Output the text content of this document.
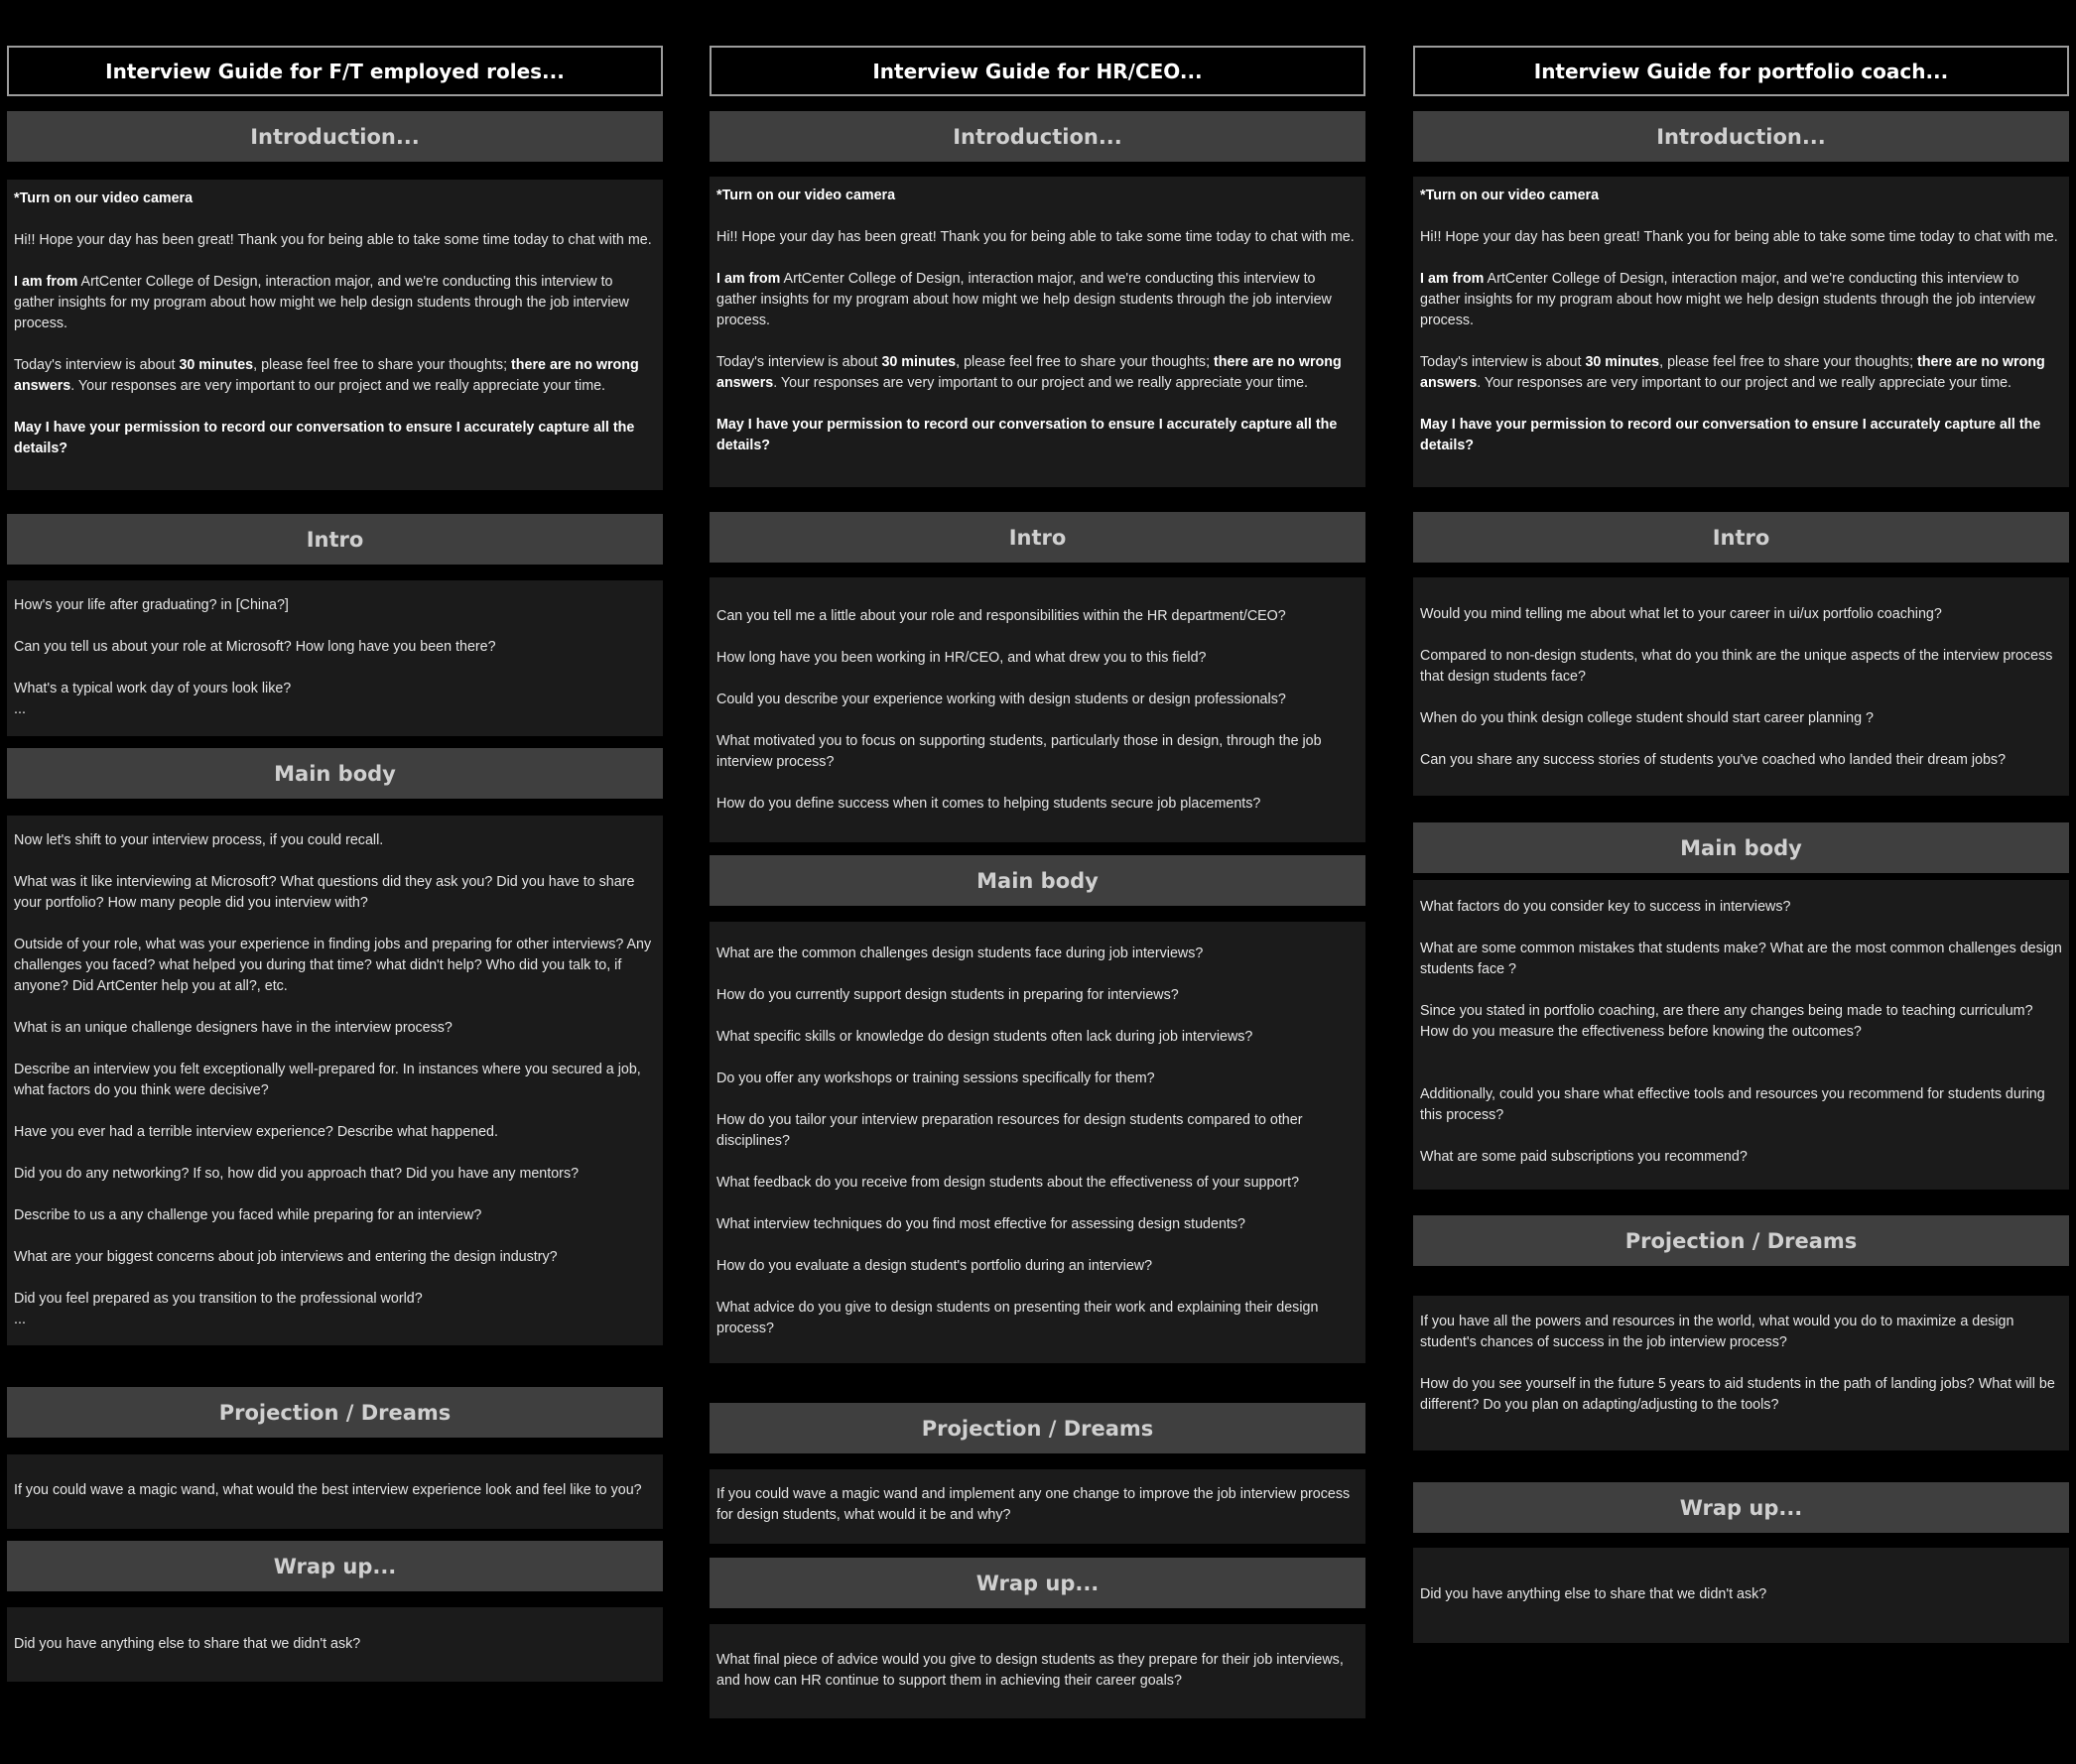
Interview Guide for F/T employed roles...
Introduction...

*Turn on our video camera

Hi!! Hope your day has been great! Thank you for being able to take some time today to chat with me.

I am from ArtCenter College of Design, interaction major, and we're conducting this interview to gather insights for my program about how might we help design students through the job interview process.

Today's interview is about 30 minutes, please feel free to share your thoughts; there are no wrong answers. Your responses are very important to our project and we really appreciate your time.

May I have your permission to record our conversation to ensure I accurately capture all the details?

Intro

How's your life after graduating? in [China?]

Can you tell us about your role at Microsoft? How long have you been there?

What's a typical work day of yours look like?

...
Main body

Now let's shift to your interview process, if you could recall.

What was it like interviewing at Microsoft? What questions did they ask you? Did you have to share your portfolio? How many people did you interview with?

Outside of your role, what was your experience in finding jobs and preparing for other interviews? Any challenges you faced? what helped you during that time? what didn't help? Who did you talk to, if anyone? Did ArtCenter help you at all?, etc.

What is an unique challenge designers have in the interview process?

Describe an interview you felt exceptionally well-prepared for. In instances where you secured a job, what factors do you think were decisive?

Have you ever had a terrible interview experience? Describe what happened.

Did you do any networking? If so, how did you approach that? Did you have any mentors?

Describe to us a any challenge you faced while preparing for an interview?

What are your biggest concerns about job interviews and entering the design industry?

Did you feel prepared as you transition to the professional world?

...
Projection / Dreams

If you could wave a magic wand, what would the best interview experience look and feel like to you?

Wrap up...

Did you have anything else to share that we didn't ask?

Interview Guide for HR/CEO...
Introduction...

*Turn on our video camera

Hi!! Hope your day has been great! Thank you for being able to take some time today to chat with me.

I am from ArtCenter College of Design, interaction major, and we're conducting this interview to gather insights for my program about how might we help design students through the job interview process.

Today's interview is about 30 minutes, please feel free to share your thoughts; there are no wrong answers. Your responses are very important to our project and we really appreciate your time.

May I have your permission to record our conversation to ensure I accurately capture all the details?

Intro

Can you tell me a little about your role and responsibilities within the HR department/CEO?

How long have you been working in HR/CEO, and what drew you to this field?

Could you describe your experience working with design students or design professionals?

What motivated you to focus on supporting students, particularly those in design, through the job interview process?

How do you define success when it comes to helping students secure job placements?

Main body

What are the common challenges design students face during job interviews?

How do you currently support design students in preparing for interviews?

What specific skills or knowledge do design students often lack during job interviews?

Do you offer any workshops or training sessions specifically for them?

How do you tailor your interview preparation resources for design students compared to other disciplines?

What feedback do you receive from design students about the effectiveness of your support?

What interview techniques do you find most effective for assessing design students?

How do you evaluate a design student's portfolio during an interview?

What advice do you give to design students on presenting their work and explaining their design process?

Projection / Dreams

If you could wave a magic wand and implement any one change to improve the job interview process for design students, what would it be and why?

Wrap up...

What final piece of advice would you give to design students as they prepare for their job interviews, and how can HR continue to support them in achieving their career goals?

Interview Guide for portfolio coach...
Introduction...

*Turn on our video camera

Hi!! Hope your day has been great! Thank you for being able to take some time today to chat with me.

I am from ArtCenter College of Design, interaction major, and we're conducting this interview to gather insights for my program about how might we help design students through the job interview process.

Today's interview is about 30 minutes, please feel free to share your thoughts; there are no wrong answers. Your responses are very important to our project and we really appreciate your time.

May I have your permission to record our conversation to ensure I accurately capture all the details?

Intro

Would you mind telling me about what let to your career in ui/ux portfolio coaching?

Compared to non-design students, what do you think are the unique aspects of the interview process that design students face?

When do you think design college student should start career planning ?

Can you share any success stories of students you've coached who landed their dream jobs?

Main body

What factors do you consider key to success in interviews?

What are some common mistakes that students make? What are the most common challenges design students face ?

Since you stated in portfolio coaching, are there any changes being made to teaching curriculum? How do you measure the effectiveness before knowing the outcomes?

Additionally, could you share what effective tools and resources you recommend for students during this process?

What are some paid subscriptions you recommend?

Projection / Dreams

If you have all the powers and resources in the world, what would you do to maximize a design student's chances of success in the job interview process?

How do you see yourself in the future 5 years to aid students in the path of landing jobs? What will be different? Do you plan on adapting/adjusting to the tools?

Wrap up...

Did you have anything else to share that we didn't ask?
